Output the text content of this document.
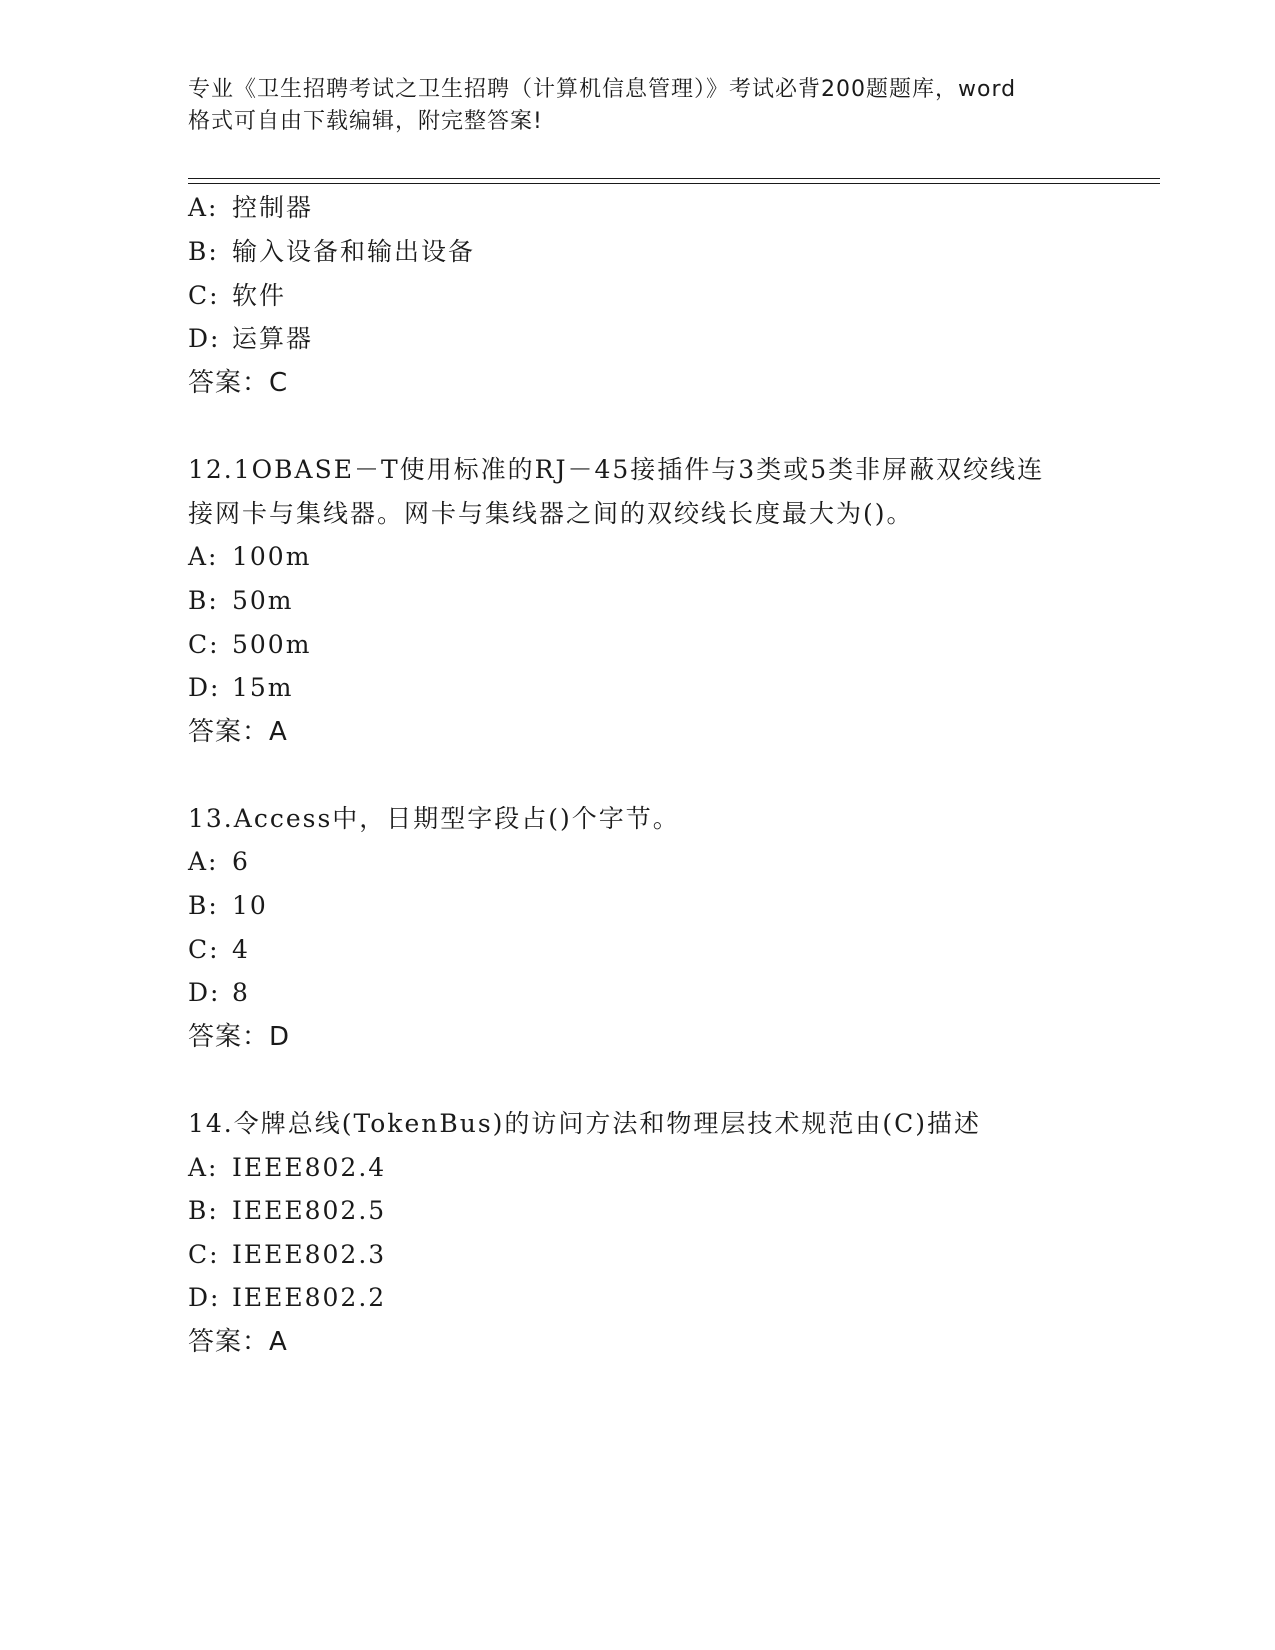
专业《卫生招聘考试之卫生招聘（计算机信息管理）》考试必背200题题库，word
格式可自由下载编辑，附完整答案!
A: 控制器
B: 输入设备和输出设备
C: 软件
D: 运算器
答案：C
12.1OBASE－T使用标准的RJ－45接插件与3类或5类非屏蔽双绞线连
接网卡与集线器。网卡与集线器之间的双绞线长度最大为()。
A: 100m
B: 50m
C: 500m
D: 15m
答案：A
13.Access中，日期型字段占()个字节。
A: 6
B: 10
C: 4
D: 8
答案：D
14.令牌总线(TokenBus)的访问方法和物理层技术规范由(C)描述
A: IEEE802.4
B: IEEE802.5
C: IEEE802.3
D: IEEE802.2
答案：A
